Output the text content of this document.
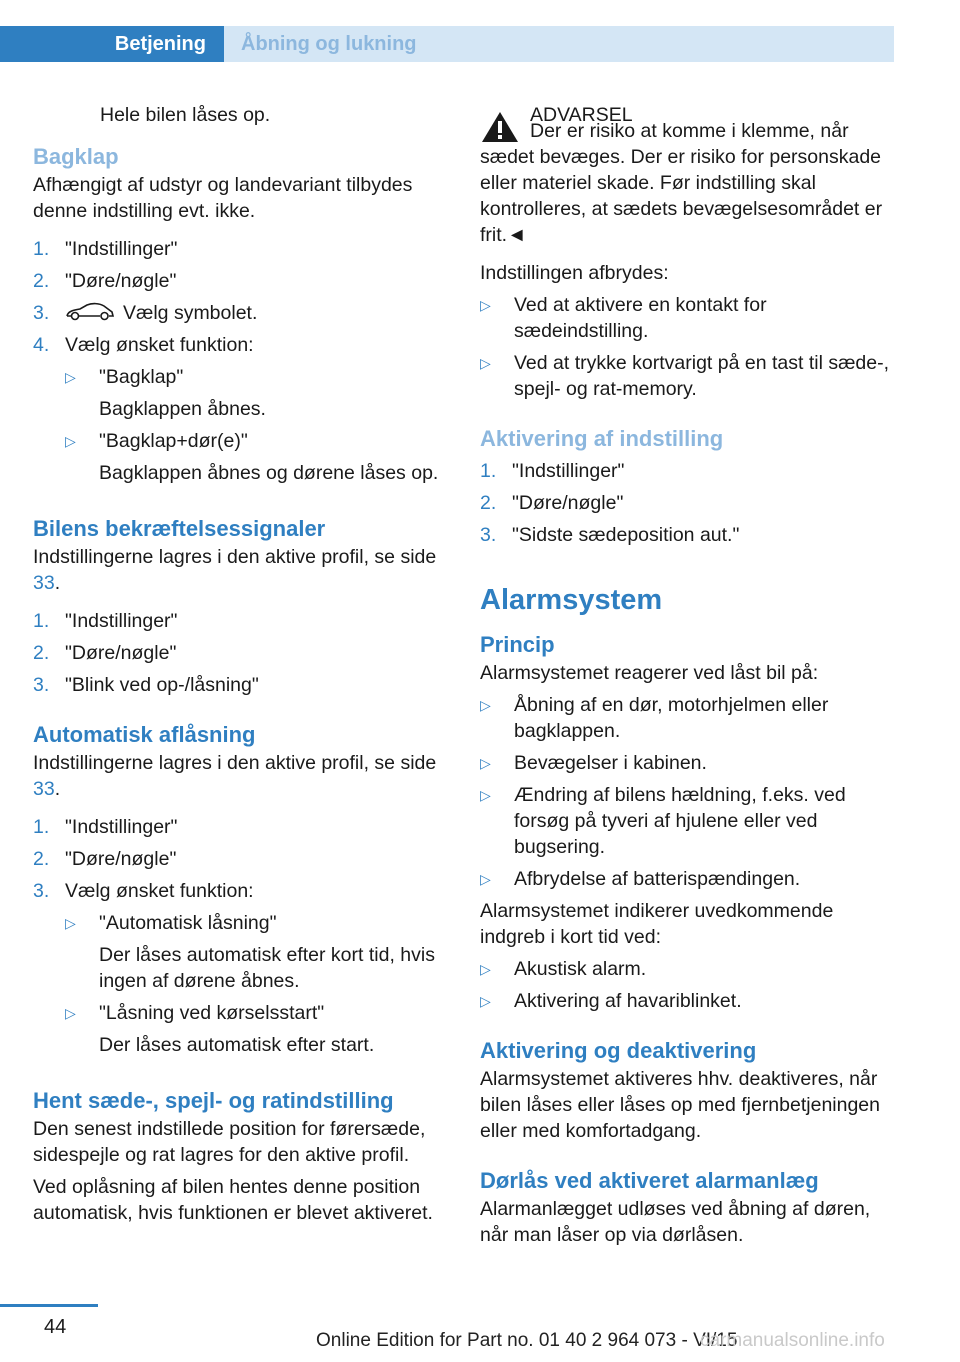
Betjening	Åbning og lukning

Hele bilen låses op.

Bagklap

Afhængigt af udstyr og landevariant tilbydes denne indstilling evt. ikke.

1. "Indstillinger"
2. "Døre/nøgle"
3.	Vælg symbolet.
4. Vælg ønsket funktion:
▷	"Bagklap"
Bagklappen åbnes.
▷	"Bagklap+dør(e)"
Bagklappen åbnes og dørene låses op.
Bilens bekræftelsessignaler

Indstillingerne lagres i den aktive profil, se side 33.

1. "Indstillinger"
2. "Døre/nøgle"
3. "Blink ved op-/låsning"
Automatisk aflåsning

Indstillingerne lagres i den aktive profil, se side 33.

1. "Indstillinger"
2. "Døre/nøgle"
3. Vælg ønsket funktion:
▷	"Automatisk låsning"
Der låses automatisk efter kort tid, hvis ingen af dørene åbnes.
▷	"Låsning ved kørselsstart"
Der låses automatisk efter start.
Hent sæde-, spejl- og ratindstilling

Den senest indstillede position for førersæde, sidespejle og rat lagres for den aktive profil.

Ved oplåsning af bilen hentes denne position automatisk, hvis funktionen er blevet aktiveret.

ADVARSEL

Der er risiko at komme i klemme, når sædet bevæges. Der er risiko for personskade eller materiel skade. Før indstilling skal kontrolleres, at sædets bevægelsesområdet er frit.◄

Indstillingen afbrydes:

▷	Ved at aktivere en kontakt for sædeindstilling.
▷	Ved at trykke kortvarigt på en tast til sæde-, spejl- og rat-memory.
Aktivering af indstilling
1. "Indstillinger"
2. "Døre/nøgle"
3. "Sidste sædeposition aut."
Alarmsystem
Princip

Alarmsystemet reagerer ved låst bil på:

▷	Åbning af en dør, motorhjelmen eller bagklappen.
▷	Bevægelser i kabinen.
▷	Ændring af bilens hældning, f.eks. ved forsøg på tyveri af hjulene eller ved bugsering.
▷	Afbrydelse af batterispændingen.

Alarmsystemet indikerer uvedkommende indgreb i kort tid ved:

▷	Akustisk alarm.
▷	Aktivering af havariblinket.
Aktivering og deaktivering

Alarmsystemet aktiveres hhv. deaktiveres, når bilen låses eller låses op med fjernbetjeningen eller med komfortadgang.

Dørlås ved aktiveret alarmanlæg

Alarmanlægget udløses ved åbning af døren, når man låser op via dørlåsen.

44
Online Edition for Part no. 01 40 2 964 073 - VI/15
carmanualsonline.info
